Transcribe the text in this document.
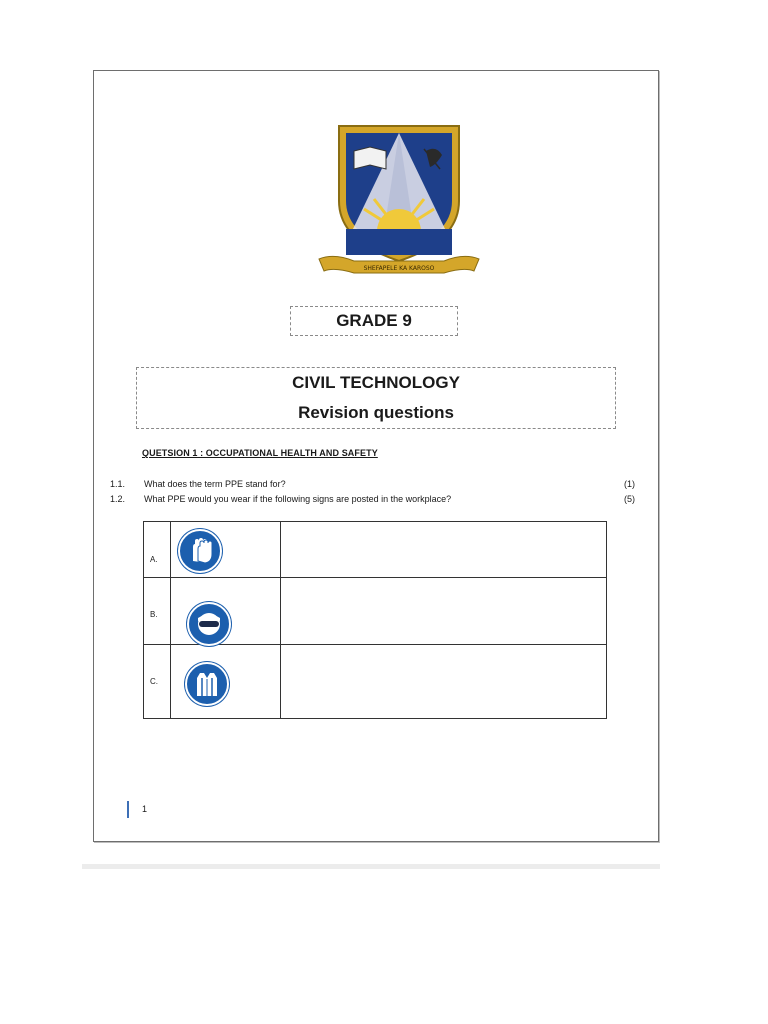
SHEFAPELE KA KAROSO
GRADE 9
CIVIL TECHNOLOGY
Revision questions
QUETSION 1 : OCCUPATIONAL HEALTH AND SAFETY
1.1. What does the term PPE stand for?	(1)
1.2. What PPE would you wear if the following signs are posted in the workplace?	(5)
A.
B.
C.
1
